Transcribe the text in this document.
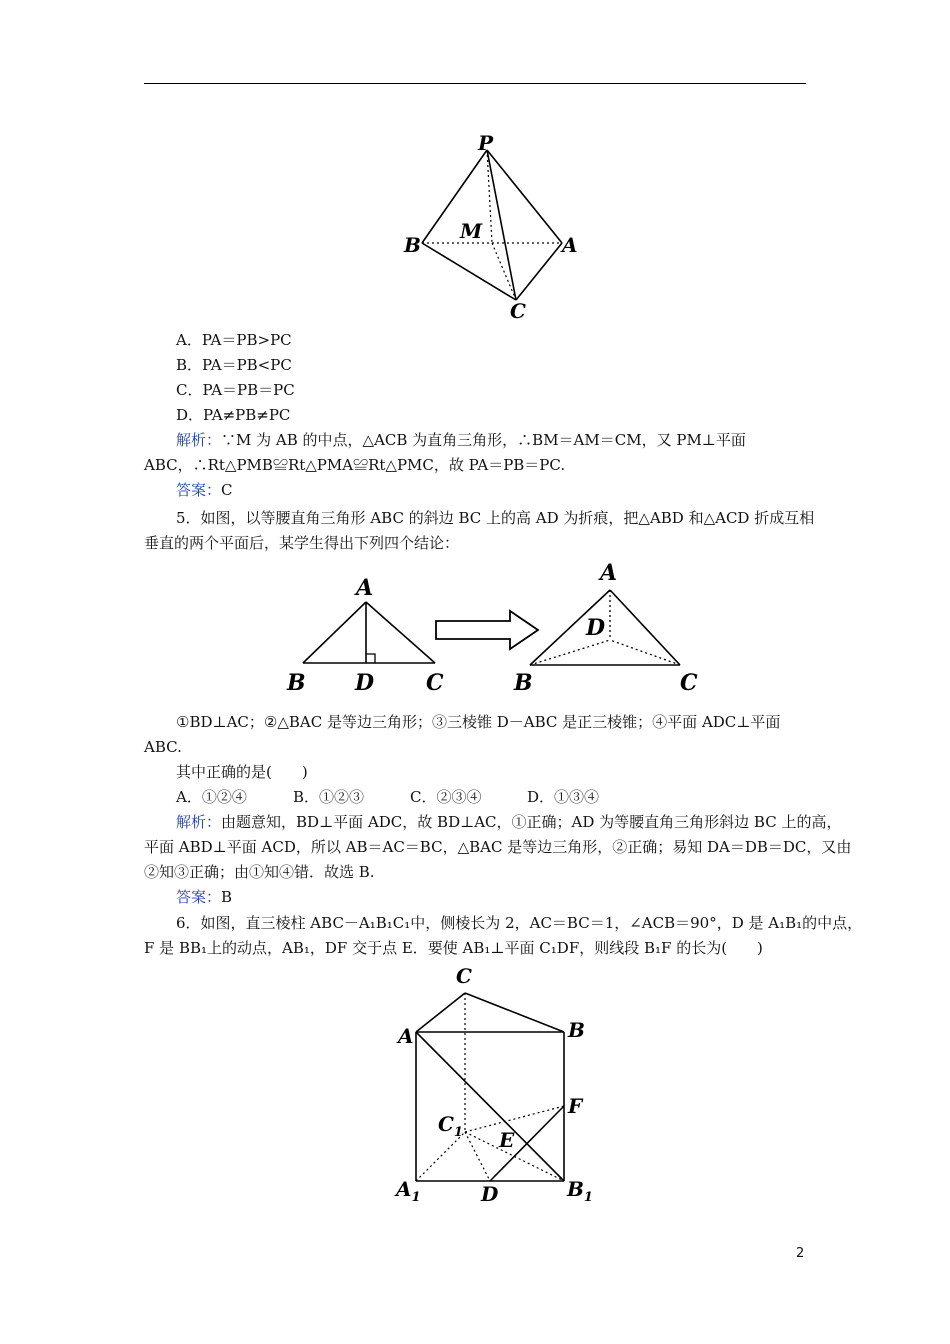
P
M
B	A
C
A．PA＝PB>PC
B．PA＝PB<PC
C．PA＝PB＝PC
D．PA≠PB≠PC
解析：∵M 为 AB 的中点，△ACB 为直角三角形，∴BM＝AM＝CM，又 PM⊥平面
ABC，∴Rt△PMB≌Rt△PMA≌Rt△PMC，故 PA＝PB＝PC.
答案：C
5．如图，以等腰直角三角形 ABC 的斜边 BC 上的高 AD 为折痕，把△ABD 和△ACD 折成互相
垂直的两个平面后，某学生得出下列四个结论：
A
B D C
A
D
B	C
①BD⊥AC；②△BAC 是等边三角形；③三棱锥 D－ABC 是正三棱锥；④平面 ADC⊥平面
ABC.
其中正确的是(　　)
A．①②④	B．①②③	C．②③④	D．①③④
解析：由题意知，BD⊥平面 ADC，故 BD⊥AC，①正确；AD 为等腰直角三角形斜边 BC 上的高，
平面 ABD⊥平面 ACD，所以 AB＝AC＝BC，△BAC 是等边三角形，②正确；易知 DA＝DB＝DC，又由
②知③正确；由①知④错．故选 B.
答案：B
6．如图，直三棱柱 ABC－A₁B₁C₁中，侧棱长为 2，AC＝BC＝1，∠ACB＝90°，D 是 A₁B₁的中点，
F 是 BB₁上的动点，AB₁，DF 交于点 E．要使 AB₁⊥平面 C₁DF，则线段 B₁F 的长为(　　)
C
A	B
F
$C_1$ E
$A_1$	D	$B_1$
2
